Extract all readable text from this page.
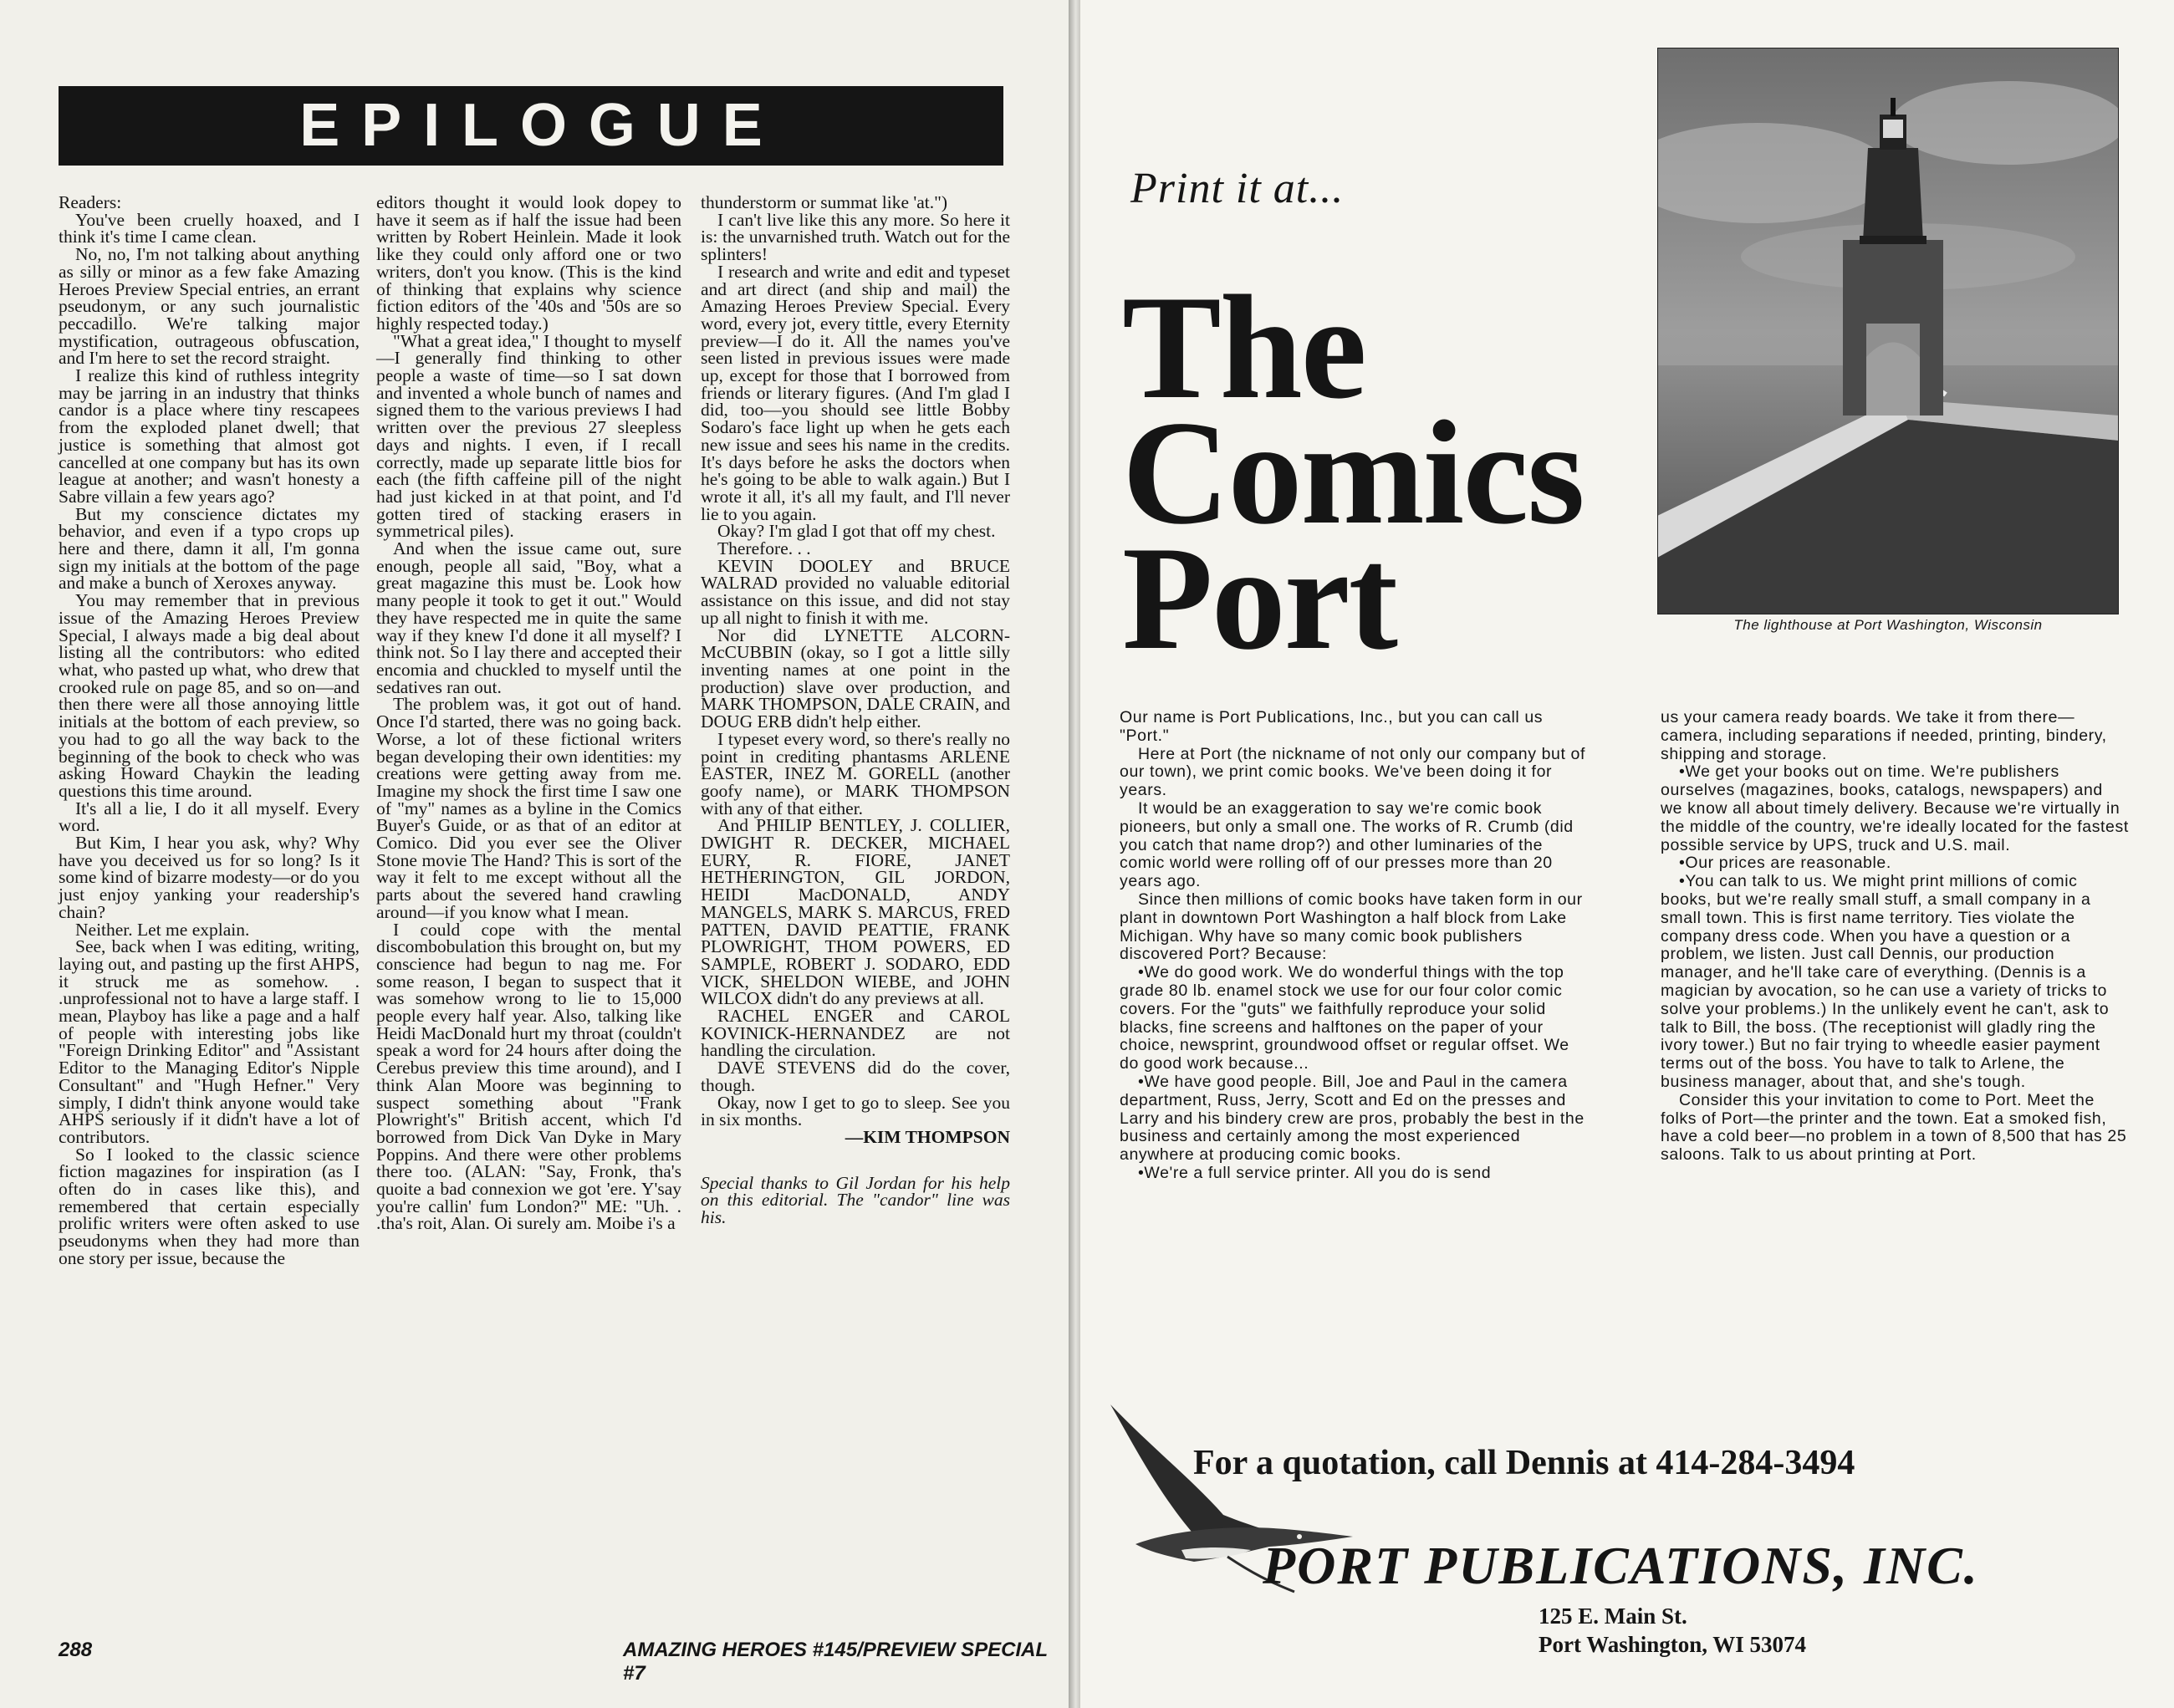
EPILOGUE

Readers:

You've been cruelly hoaxed, and I think it's time I came clean.

No, no, I'm not talking about anything as silly or minor as a few fake Amazing Heroes Preview Special entries, an errant pseudonym, or any such journalistic peccadillo. We're talking major mystification, outrageous obfuscation, and I'm here to set the record straight.

I realize this kind of ruthless integrity may be jarring in an industry that thinks candor is a place where tiny rescapees from the exploded planet dwell; that justice is something that almost got cancelled at one company but has its own league at another; and wasn't honesty a Sabre villain a few years ago?

But my conscience dictates my behavior, and even if a typo crops up here and there, damn it all, I'm gonna sign my initials at the bottom of the page and make a bunch of Xeroxes anyway.

You may remember that in previous issue of the Amazing Heroes Preview Special, I always made a big deal about listing all the contributors: who edited what, who pasted up what, who drew that crooked rule on page 85, and so on—and then there were all those annoying little initials at the bottom of each preview, so you had to go all the way back to the beginning of the book to check who was asking Howard Chaykin the leading questions this time around.

It's all a lie, I do it all myself. Every word.

But Kim, I hear you ask, why? Why have you deceived us for so long? Is it some kind of bizarre modesty—or do you just enjoy yanking your readership's chain?

Neither. Let me explain.

See, back when I was editing, writing, laying out, and pasting up the first AHPS, it struck me as somehow. . .unprofessional not to have a large staff. I mean, Playboy has like a page and a half of people with interesting jobs like "Foreign Drinking Editor" and "Assistant Editor to the Managing Editor's Nipple Consultant" and "Hugh Hefner." Very simply, I didn't think anyone would take AHPS seriously if it didn't have a lot of contributors.

So I looked to the classic science fiction magazines for inspiration (as I often do in cases like this), and remembered that certain especially prolific writers were often asked to use pseudonyms when they had more than one story per issue, because the

editors thought it would look dopey to have it seem as if half the issue had been written by Robert Heinlein. Made it look like they could only afford one or two writers, don't you know. (This is the kind of thinking that explains why science fiction editors of the '40s and '50s are so highly respected today.)

"What a great idea," I thought to myself—I generally find thinking to other people a waste of time—so I sat down and invented a whole bunch of names and signed them to the various previews I had written over the previous 27 sleepless days and nights. I even, if I recall correctly, made up separate little bios for each (the fifth caffeine pill of the night had just kicked in at that point, and I'd gotten tired of stacking erasers in symmetrical piles).

And when the issue came out, sure enough, people all said, "Boy, what a great magazine this must be. Look how many people it took to get it out." Would they have respected me in quite the same way if they knew I'd done it all myself? I think not. So I lay there and accepted their encomia and chuckled to myself until the sedatives ran out.

The problem was, it got out of hand. Once I'd started, there was no going back. Worse, a lot of these fictional writers began developing their own identities: my creations were getting away from me. Imagine my shock the first time I saw one of "my" names as a byline in the Comics Buyer's Guide, or as that of an editor at Comico. Did you ever see the Oliver Stone movie The Hand? This is sort of the way it felt to me except without all the parts about the severed hand crawling around—if you know what I mean.

I could cope with the mental discombobulation this brought on, but my conscience had begun to nag me. For some reason, I began to suspect that it was somehow wrong to lie to 15,000 people every half year. Also, talking like Heidi MacDonald hurt my throat (couldn't speak a word for 24 hours after doing the Cerebus preview this time around), and I think Alan Moore was beginning to suspect something about "Frank Plowright's" British accent, which I'd borrowed from Dick Van Dyke in Mary Poppins. And there were other problems there too. (ALAN: "Say, Fronk, tha's quoite a bad connexion we got 'ere. Y'say you're callin' fum London?" ME: "Uh. . .tha's roit, Alan. Oi surely am. Moibe i's a

thunderstorm or summat like 'at.")

I can't live like this any more. So here it is: the unvarnished truth. Watch out for the splinters!

I research and write and edit and typeset and art direct (and ship and mail) the Amazing Heroes Preview Special. Every word, every jot, every tittle, every Eternity preview—I do it. All the names you've seen listed in previous issues were made up, except for those that I borrowed from friends or literary figures. (And I'm glad I did, too—you should see little Bobby Sodaro's face light up when he gets each new issue and sees his name in the credits. It's days before he asks the doctors when he's going to be able to walk again.) But I wrote it all, it's all my fault, and I'll never lie to you again.

Okay? I'm glad I got that off my chest.

Therefore. . .

KEVIN DOOLEY and BRUCE WALRAD provided no valuable editorial assistance on this issue, and did not stay up all night to finish it with me.

Nor did LYNETTE ALCORN-McCUBBIN (okay, so I got a little silly inventing names at one point in the production) slave over production, and MARK THOMPSON, DALE CRAIN, and DOUG ERB didn't help either.

I typeset every word, so there's really no point in crediting phantasms ARLENE EASTER, INEZ M. GORELL (another goofy name), or MARK THOMPSON with any of that either.

And PHILIP BENTLEY, J. COLLIER, DWIGHT R. DECKER, MICHAEL EURY, R. FIORE, JANET HETHERINGTON, GIL JORDON, HEIDI MacDONALD, ANDY MANGELS, MARK S. MARCUS, FRED PATTEN, DAVID PEATTIE, FRANK PLOWRIGHT, THOM POWERS, ED SAMPLE, ROBERT J. SODARO, EDD VICK, SHELDON WIEBE, and JOHN WILCOX didn't do any previews at all.

RACHEL ENGER and CAROL KOVINICK-HERNANDEZ are not handling the circulation.

DAVE STEVENS did do the cover, though.

Okay, now I get to go to sleep. See you in six months.

—KIM THOMPSON

Special thanks to Gil Jordan for his help on this editorial. The "candor" line was his.

288	AMAZING HEROES #145/PREVIEW SPECIAL #7
Print it at...
The
Comics
Port	The lighthouse at Port Washington, Wisconsin

Our name is Port Publications, Inc., but you can call us "Port."

Here at Port (the nickname of not only our company but of our town), we print comic books. We've been doing it for years.

It would be an exaggeration to say we're comic book pioneers, but only a small one. The works of R. Crumb (did you catch that name drop?) and other luminaries of the comic world were rolling off of our presses more than 20 years ago.

Since then millions of comic books have taken form in our plant in downtown Port Washington a half block from Lake Michigan. Why have so many comic book publishers discovered Port? Because:

•We do good work. We do wonderful things with the top grade 80 lb. enamel stock we use for our four color comic covers. For the "guts" we faithfully reproduce your solid blacks, fine screens and halftones on the paper of your choice, newsprint, groundwood offset or regular offset. We do good work because...

•We have good people. Bill, Joe and Paul in the camera department, Russ, Jerry, Scott and Ed on the presses and Larry and his bindery crew are pros, probably the best in the business and certainly among the most experienced anywhere at producing comic books.

•We're a full service printer. All you do is send

us your camera ready boards. We take it from there—camera, including separations if needed, printing, bindery, shipping and storage.

•We get your books out on time. We're publishers ourselves (magazines, books, catalogs, newspapers) and we know all about timely delivery. Because we're virtually in the middle of the country, we're ideally located for the fastest possible service by UPS, truck and U.S. mail.

•Our prices are reasonable.

•You can talk to us. We might print millions of comic books, but we're really small stuff, a small company in a small town. This is first name territory. Ties violate the company dress code. When you have a question or a problem, we listen. Just call Dennis, our production manager, and he'll take care of everything. (Dennis is a magician by avocation, so he can use a variety of tricks to solve your problems.) In the unlikely event he can't, ask to talk to Bill, the boss. (The receptionist will gladly ring the ivory tower.) But no fair trying to wheedle easier payment terms out of the boss. You have to talk to Arlene, the business manager, about that, and she's tough.

Consider this your invitation to come to Port. Meet the folks of Port—the printer and the town. Eat a smoked fish, have a cold beer—no problem in a town of 8,500 that has 25 saloons. Talk to us about printing at Port.

For a quotation, call Dennis at 414-284-3494
PORT PUBLICATIONS, INC.
125 E. Main St.
Port Washington, WI 53074
